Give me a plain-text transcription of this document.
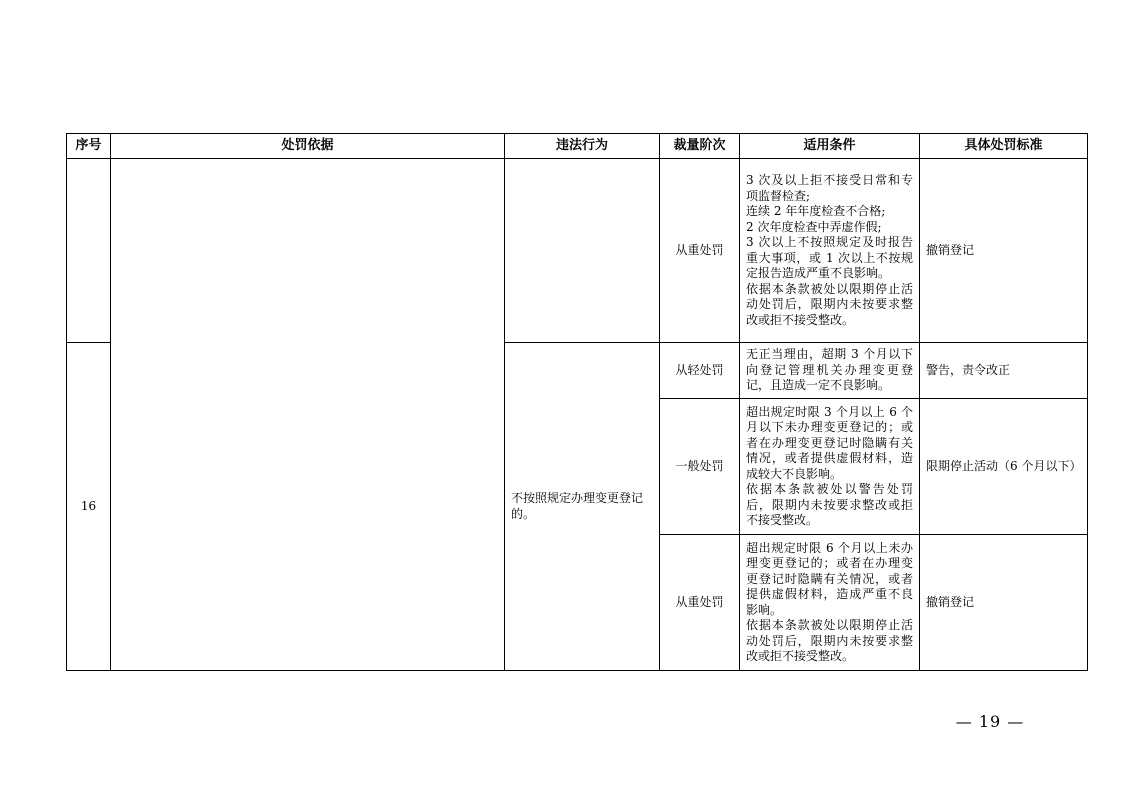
序号	处罚依据	违法行为	裁量阶次	适用条件	具体处罚标准
			从重处罚	3 次及以上拒不接受日常和专项监督检查;
连续 2 年年度检查不合格;
2 次年度检查中弄虚作假;
3 次以上不按照规定及时报告重大事项，或 1 次以上不按规定报告造成严重不良影响。
依据本条款被处以限期停止活动处罚后，限期内未按要求整改或拒不接受整改。	撤销登记
16		不按照规定办理变更登记的。	从轻处罚	无正当理由，超期 3 个月以下向登记管理机关办理变更登记，且造成一定不良影响。	警告，责令改正
			一般处罚	超出规定时限 3 个月以上 6 个月以下未办理变更登记的；或者在办理变更登记时隐瞒有关情况，或者提供虚假材料，造成较大不良影响。
依据本条款被处以警告处罚后，限期内未按要求整改或拒不接受整改。	限期停止活动（6 个月以下）
			从重处罚	超出规定时限 6 个月以上未办理变更登记的；或者在办理变更登记时隐瞒有关情况，或者提供虚假材料，造成严重不良影响。
依据本条款被处以限期停止活动处罚后，限期内未按要求整改或拒不接受整改。	撤销登记
— 19 —
